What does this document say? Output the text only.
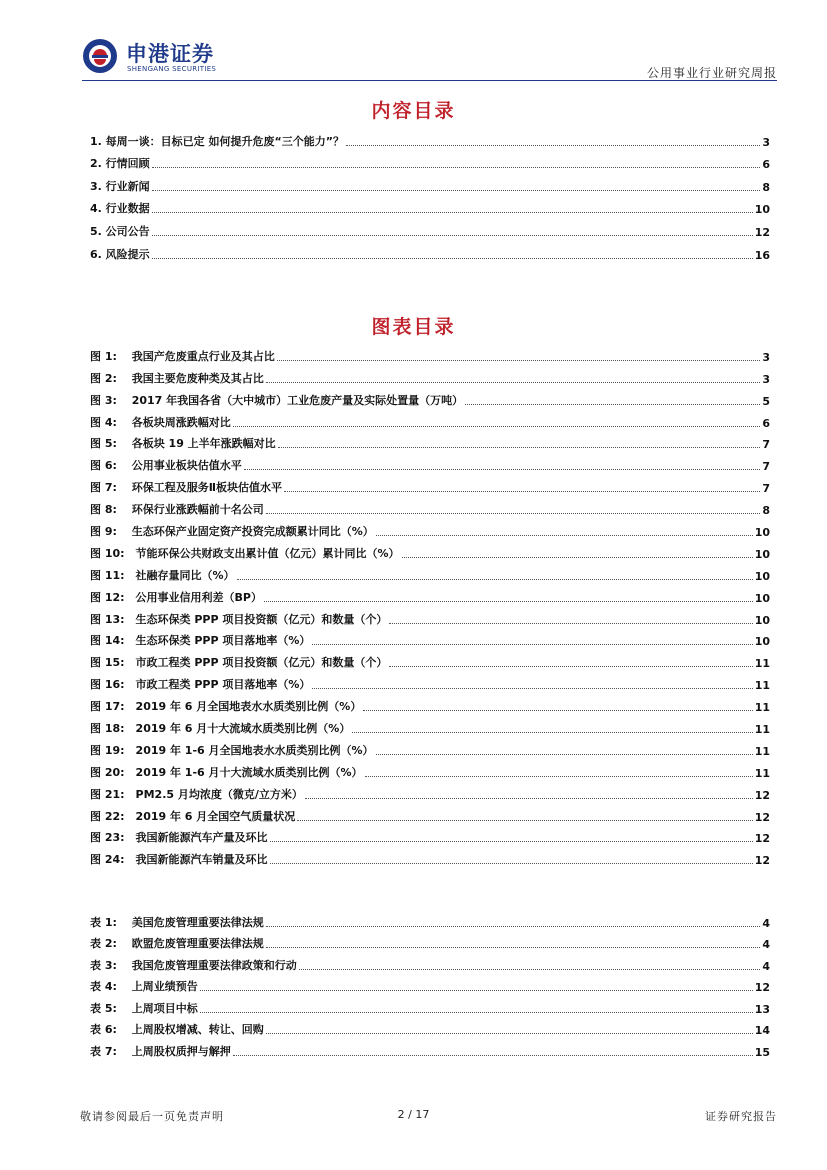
申港证券
SHENGANG SECURITIES	公用事业行业研究周报
内容目录
1. 每周一谈：目标已定 如何提升危废“三个能力”？	3
2. 行情回顾	6
3. 行业新闻	8
4. 行业数据	10
5. 公司公告	12
6. 风险提示	16
图表目录
图 1:　 我国产危废重点行业及其占比	3
图 2:　 我国主要危废种类及其占比	3
图 3:　 2017 年我国各省（大中城市）工业危废产量及实际处置量（万吨）	5
图 4:　 各板块周涨跌幅对比	6
图 5:　 各板块 19 上半年涨跌幅对比	7
图 6:　 公用事业板块估值水平	7
图 7:　 环保工程及服务Ⅱ板块估值水平	7
图 8:　 环保行业涨跌幅前十名公司	8
图 9:　 生态环保产业固定资产投资完成额累计同比（%）	10
图 10:　节能环保公共财政支出累计值（亿元）累计同比（%）	10
图 11:　社融存量同比（%）	10
图 12:　公用事业信用利差（BP）	10
图 13:　生态环保类 PPP 项目投资额（亿元）和数量（个）	10
图 14:　生态环保类 PPP 项目落地率（%）	10
图 15:　市政工程类 PPP 项目投资额（亿元）和数量（个）	11
图 16:　市政工程类 PPP 项目落地率（%）	11
图 17:　2019 年 6 月全国地表水水质类别比例（%）	11
图 18:　2019 年 6 月十大流域水质类别比例（%）	11
图 19:　2019 年 1-6 月全国地表水水质类别比例（%）	11
图 20:　2019 年 1-6 月十大流域水质类别比例（%）	11
图 21:　PM2.5 月均浓度（微克/立方米）	12
图 22:　2019 年 6 月全国空气质量状况	12
图 23:　我国新能源汽车产量及环比	12
图 24:　我国新能源汽车销量及环比	12
表 1:　 美国危废管理重要法律法规	4
表 2:　 欧盟危废管理重要法律法规	4
表 3:　 我国危废管理重要法律政策和行动	4
表 4:　 上周业绩预告	12
表 5:　 上周项目中标	13
表 6:　 上周股权增减、转让、回购	14
表 7:　 上周股权质押与解押	15
敬请参阅最后一页免责声明	2 / 17	证券研究报告
